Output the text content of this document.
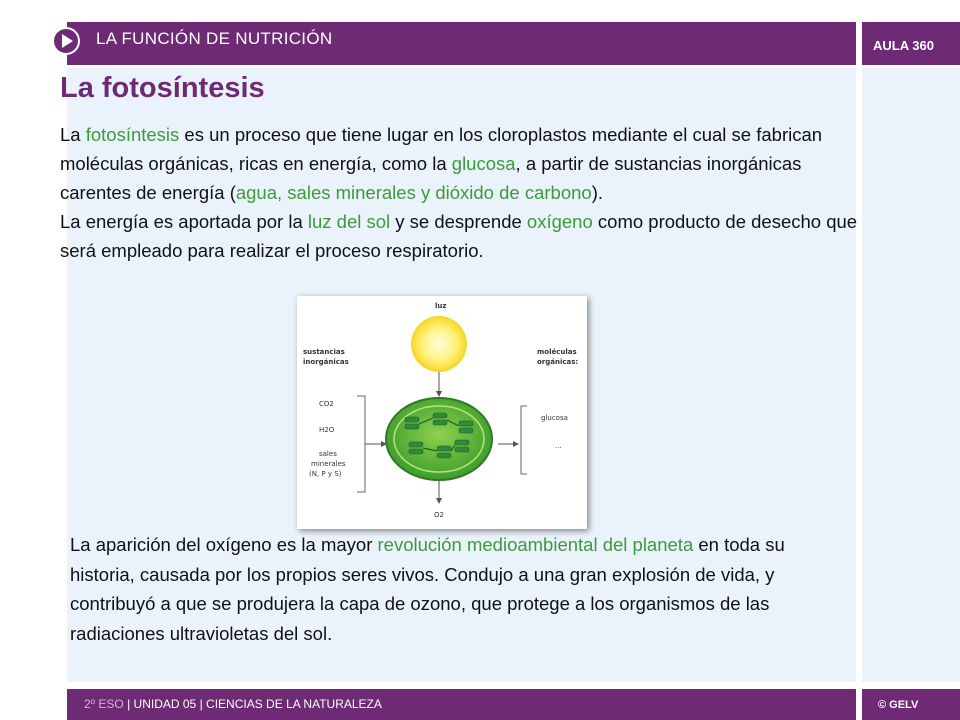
LA FUNCIÓN DE NUTRICIÓN	AULA 360
La fotosíntesis

La fotosíntesis es un proceso que tiene lugar en los cloroplastos mediante el cual se fabrican moléculas orgánicas, ricas en energía, como la glucosa, a partir de sustancias inorgánicas carentes de energía (agua, sales minerales y dióxido de carbono).
La energía es aportada por la luz del sol y se desprende oxígeno como producto de desecho que será empleado para realizar el proceso respiratorio.

luz
sustancias
inorgánicas
CO2
H2O
sales
minerales
(N, P y S)
moléculas
orgánicas:
glucosa
...
O2

La aparición del oxígeno es la mayor revolución medioambiental del planeta en toda su historia, causada por los propios seres vivos. Condujo a una gran explosión de vida, y contribuyó a que se produjera la capa de ozono, que protege a los organismos de las radiaciones ultravioletas del sol.

2º ESO | UNIDAD 05 | CIENCIAS DE LA NATURALEZA	© GELV
